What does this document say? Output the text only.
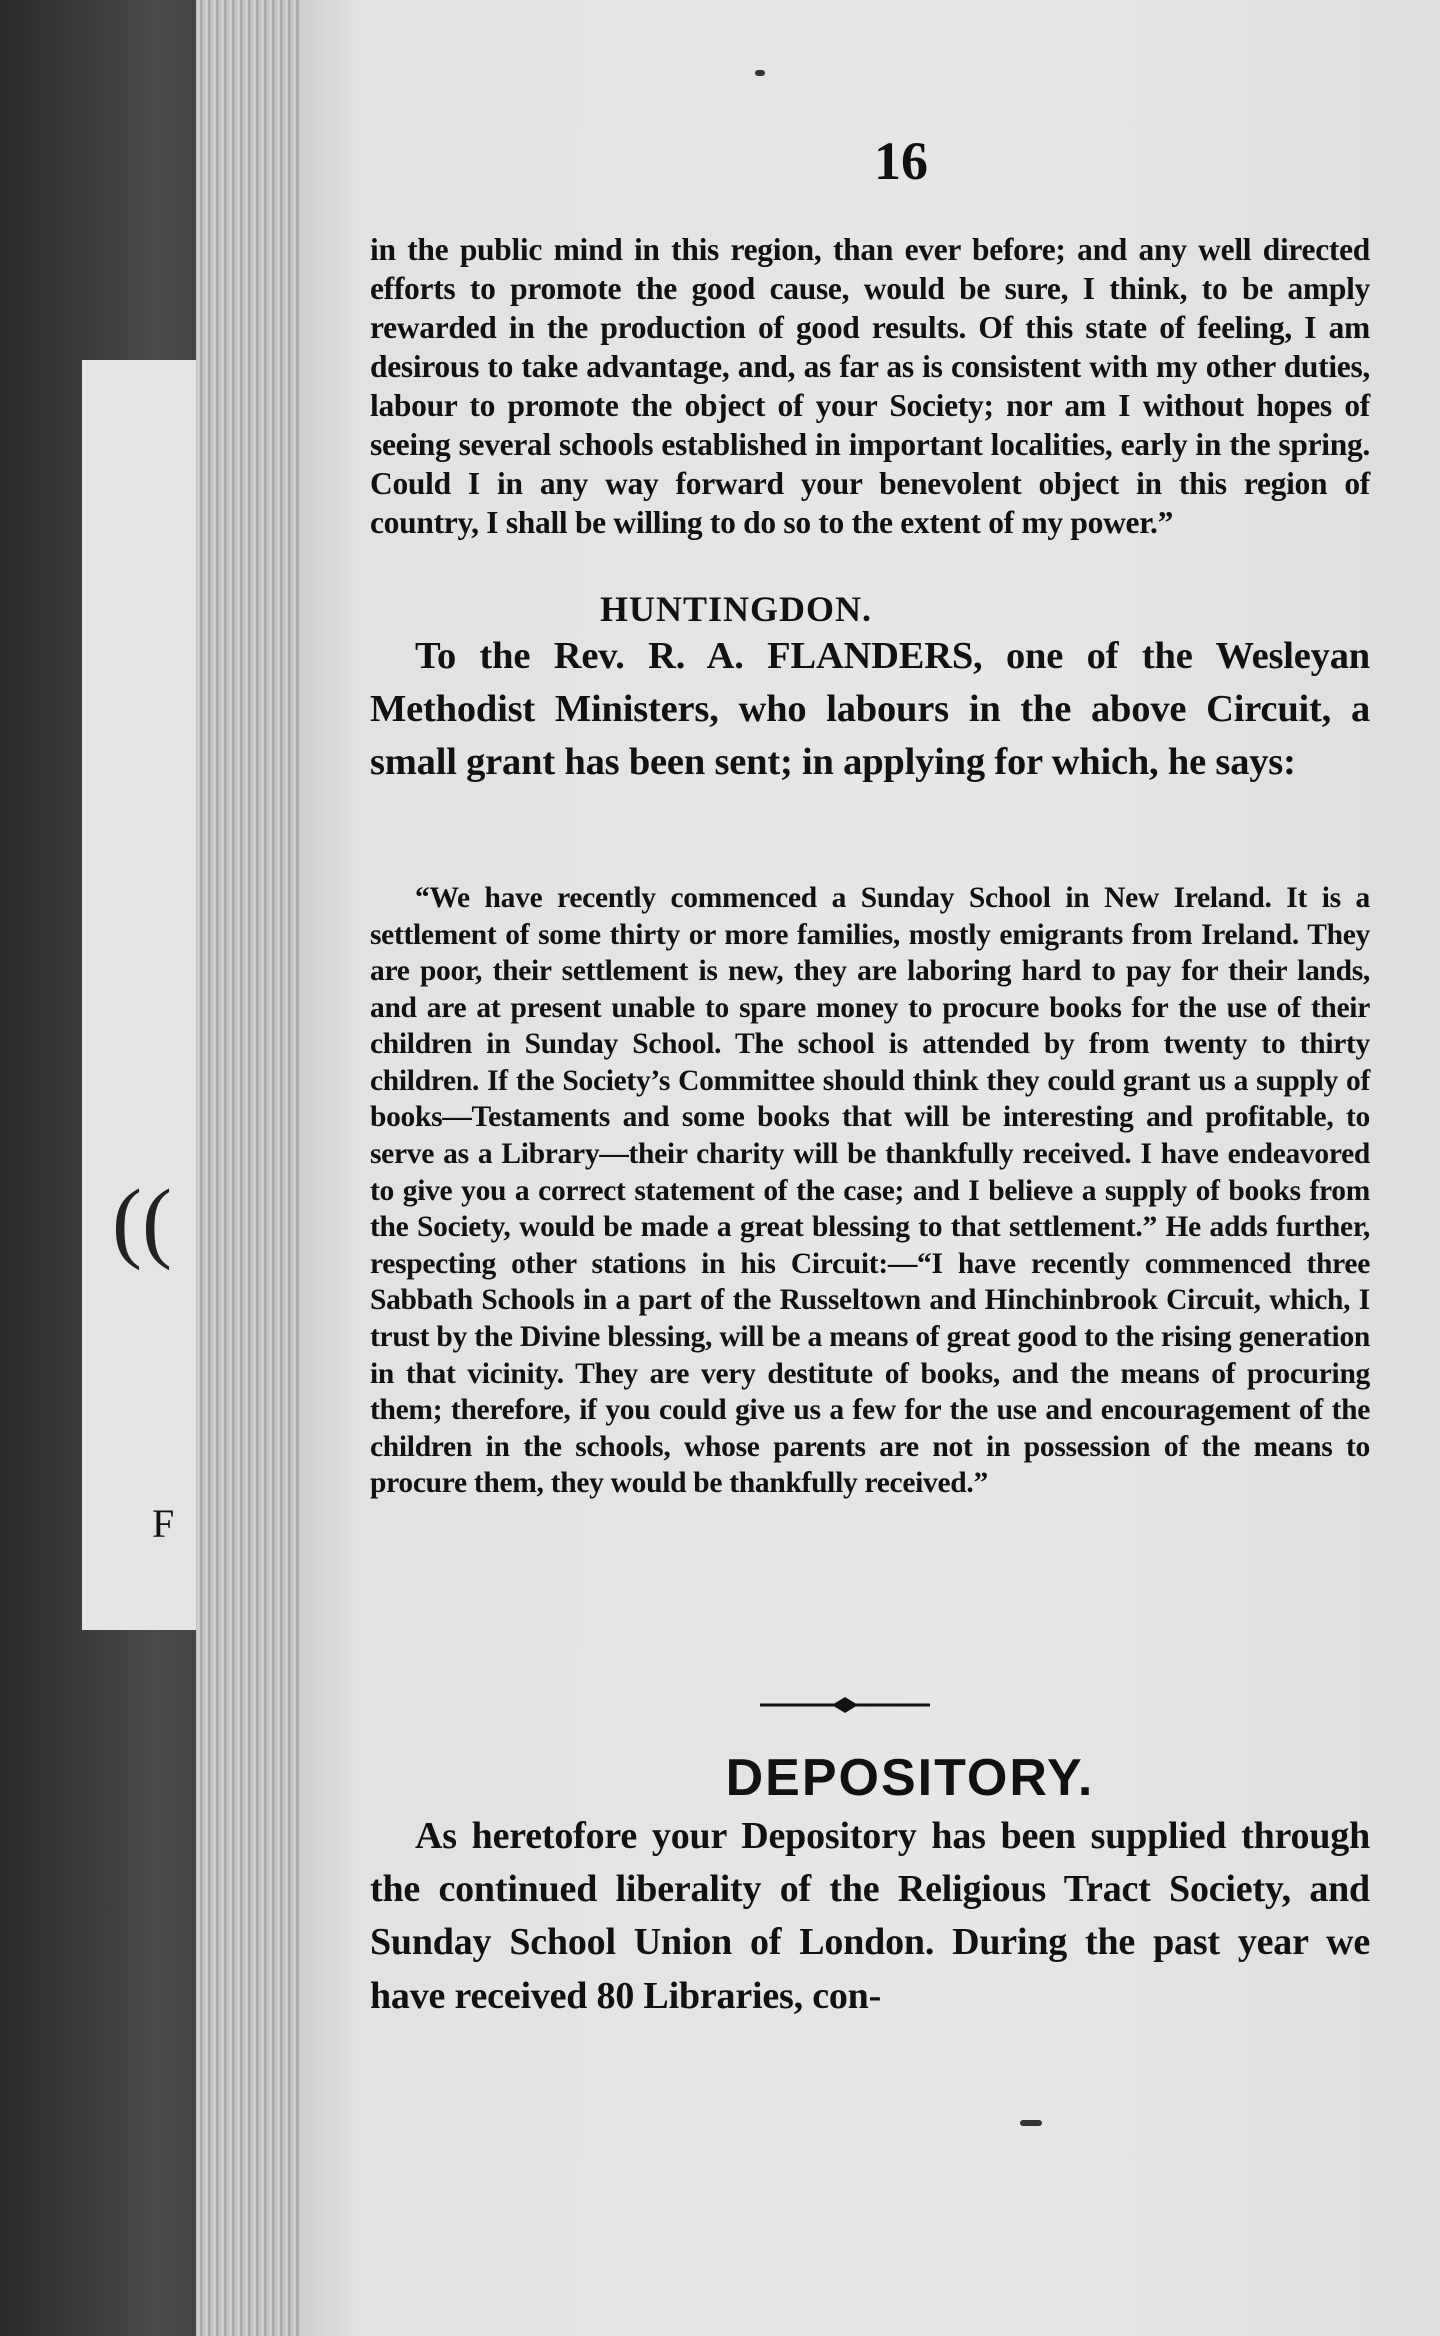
((
F
16

in the public mind in this region, than ever before; and any well directed efforts to promote the good cause, would be sure, I think, to be amply rewarded in the production of good results. Of this state of feeling, I am desirous to take advantage, and, as far as is consistent with my other duties, labour to promote the object of your Society; nor am I without hopes of seeing several schools established in important localities, early in the spring. Could I in any way forward your benevolent object in this region of country, I shall be willing to do so to the extent of my power.”

HUNTINGDON.

To the Rev. R. A. FLANDERS, one of the Wesleyan Methodist Ministers, who labours in the above Circuit, a small grant has been sent; in applying for which, he says:

“We have recently commenced a Sunday School in New Ireland. It is a settlement of some thirty or more families, mostly emigrants from Ireland. They are poor, their settlement is new, they are laboring hard to pay for their lands, and are at present unable to spare money to procure books for the use of their children in Sunday School. The school is attended by from twenty to thirty children. If the Society’s Committee should think they could grant us a supply of books—Testaments and some books that will be interesting and profitable, to serve as a Library—their charity will be thankfully received. I have endeavored to give you a correct statement of the case; and I believe a supply of books from the Society, would be made a great blessing to that settlement.” He adds further, respecting other stations in his Circuit:—“I have recently commenced three Sabbath Schools in a part of the Russeltown and Hinchinbrook Circuit, which, I trust by the Divine blessing, will be a means of great good to the rising generation in that vicinity. They are very destitute of books, and the means of procuring them; therefore, if you could give us a few for the use and encouragement of the children in the schools, whose parents are not in possession of the means to procure them, they would be thankfully received.”

DEPOSITORY.

As heretofore your Depository has been supplied through the continued liberality of the Religious Tract Society, and Sunday School Union of London. During the past year we have received 80 Libraries, con-
